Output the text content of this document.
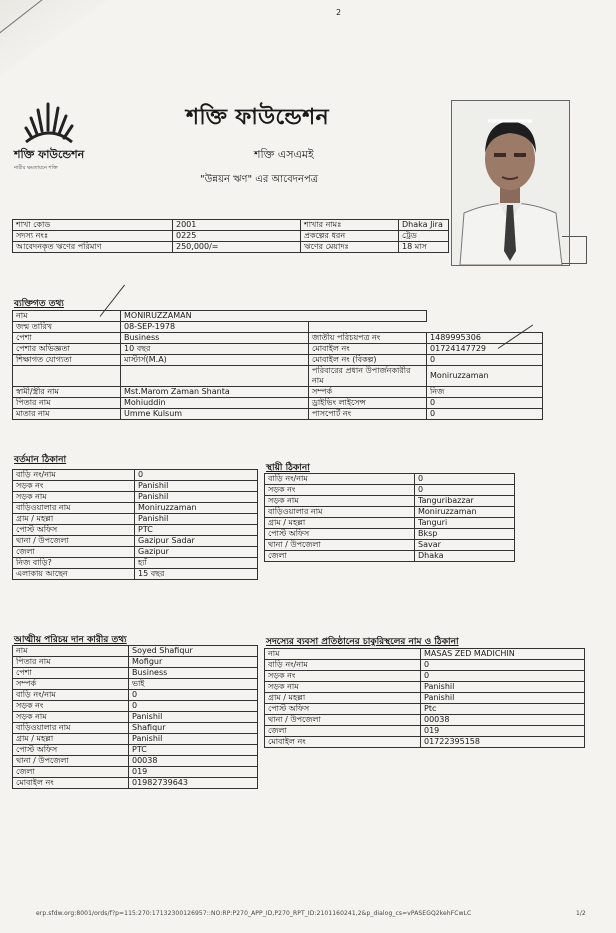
2
শক্তি ফাউন্ডেশন
নারীর ক্ষমতায়নে শক্তি
শক্তি ফাউন্ডেশন
শক্তি এসএমই
"উন্নয়ন ঋণ" এর আবেদনপত্র
শাখা কোড	2001	শাখার নামঃ	Dhaka Jira
সদস্য নংঃ	0225	প্রকল্পের ধরন	ট্রেড
আবেদনকৃত ঋণের পরিমাণ	250,000/=	ঋণের মেয়াদঃ	18 মাস
ব্যক্তিগত তথ্য
নাম	MONIRUZZAMAN		
জন্ম তারিখ	08-SEP-1978		
পেশা	Business	জাতীয় পরিচয়পত্র নং	1489995306
পেশার অভিজ্ঞতা	10 বছর	মোবাইল নং	01724147729
শিক্ষাগত যোগ্যতা	মাস্টার্স(M.A)	মোবাইল নং (বিকল্প)	0
		পরিবারের প্রধান উপার্জনকারীর নাম	Moniruzzaman
স্বামী/স্ত্রীর নাম	Mst.Marom Zaman Shanta	সম্পর্ক	নিজ
পিতার নাম	Mohiuddin	ড্রাইভিং লাইসেন্স	0
মাতার নাম	Umme Kulsum	পাসপোর্ট নং	0
বর্তমান ঠিকানা
বাড়ি নং/নাম	0
সড়ক নং	Panishil
সড়ক নাম	Panishil
বাড়িওয়ালার নাম	Moniruzzaman
গ্রাম / মহল্লা	Panishil
পোস্ট অফিস	PTC
থানা / উপজেলা	Gazipur Sadar
জেলা	Gazipur
নিজ বাড়ি?	হ্যাঁ
এলাকায় আছেন	15 বছর
স্থায়ী ঠিকানা
বাড়ি নং/নাম	0
সড়ক নং	0
সড়ক নাম	Tanguribazzar
বাড়িওয়ালার নাম	Moniruzzaman
গ্রাম / মহল্লা	Tanguri
পোস্ট অফিস	Bksp
থানা / উপজেলা	Savar
জেলা	Dhaka
আত্মীয় পরিচয় দান কারীর তথ্য
নাম	Soyed Shafiqur
পিতার নাম	Mofigur
পেশা	Business
সম্পর্ক	ভাই
বাড়ি নং/নাম	0
সড়ক নং	0
সড়ক নাম	Panishil
বাড়িওয়ালার নাম	Shafiqur
গ্রাম / মহল্লা	Panishil
পোস্ট অফিস	PTC
থানা / উপজেলা	00038
জেলা	019
মোবাইল নং	01982739643
সদস্যের ব্যবসা প্রতিষ্ঠানের চাকুরিস্থলের নাম ও ঠিকানা
নাম	MASAS ZED MADICHIN
বাড়ি নং/নাম	0
সড়ক নং	0
সড়ক নাম	Panishil
গ্রাম / মহল্লা	Panishil
পোস্ট অফিস	Ptc
থানা / উপজেলা	00038
জেলা	019
মোবাইল নং	01722395158
erp.sfdw.org:8001/ords/f?p=115:270:17132300126957::NO:RP:P270_APP_ID,P270_RPT_ID:2101160241,2&p_dialog_cs=vPASEGQ2kehFCwLC	1/2
